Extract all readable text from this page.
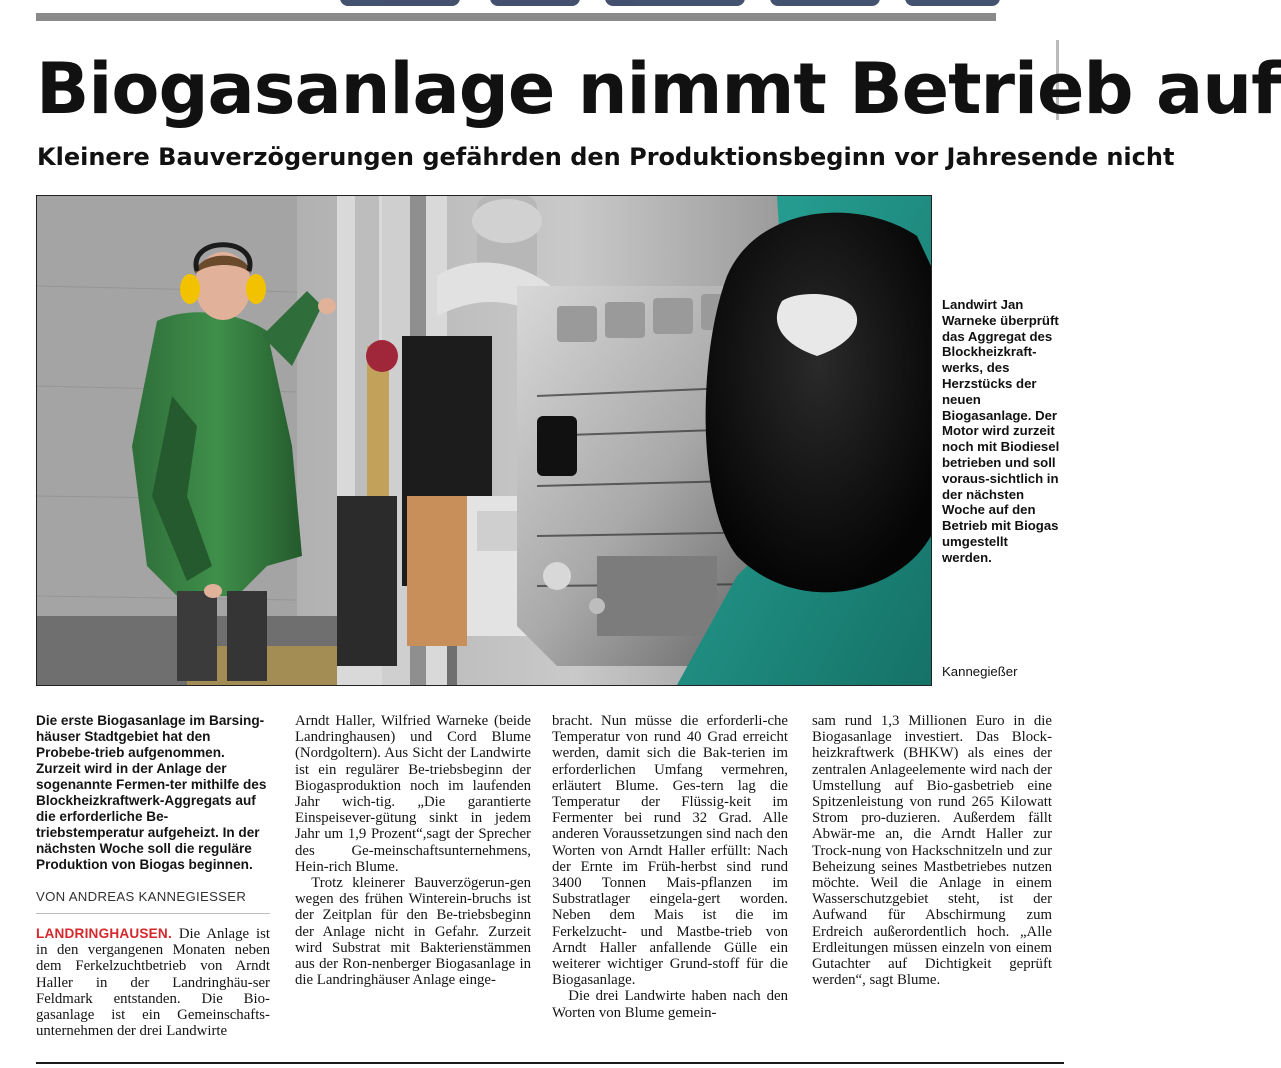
Biogasanlage nimmt Betrieb auf
Kleinere Bauverzögerungen gefährden den Produktionsbeginn vor Jahresende nicht
Landwirt Jan Warneke überprüft das Aggregat des Blockheizkraft-werks, des Herzstücks der neuen Biogasanlage. Der Motor wird zurzeit noch mit Biodiesel betrieben und soll voraus-sichtlich in der nächsten Woche auf den Betrieb mit Biogas umgestellt werden.
Kannegießer

Die erste Biogasanlage im Barsing-häuser Stadtgebiet hat den Probebe-trieb aufgenommen. Zurzeit wird in der Anlage der sogenannte Fermen-ter mithilfe des Blockheizkraftwerk-Aggregats auf die erforderliche Be-triebstemperatur aufgeheizt. In der nächsten Woche soll die reguläre Produktion von Biogas beginnen.

VON ANDREAS KANNEGIESSER

LANDRINGHAUSEN. Die Anlage ist in den vergangenen Monaten neben dem Ferkelzuchtbetrieb von Arndt Haller in der Landringhäu-ser Feldmark entstanden. Die Bio-gasanlage ist ein Gemeinschafts-unternehmen der drei Landwirte

Arndt Haller, Wilfried Warneke (beide Landringhausen) und Cord Blume (Nordgoltern). Aus Sicht der Landwirte ist ein regulärer Be-triebsbeginn der Biogasproduktion noch im laufenden Jahr wich-tig. „Die garantierte Einspeisever-gütung sinkt in jedem Jahr um 1,9 Prozent“,sagt der Sprecher des Ge-meinschaftsunternehmens, Hein-rich Blume.

Trotz kleinerer Bauverzögerun-gen wegen des frühen Winterein-bruchs ist der Zeitplan für den Be-triebsbeginn der Anlage nicht in Gefahr. Zurzeit wird Substrat mit Bakterienstämmen aus der Ron-nenberger Biogasanlage in die Landringhäuser Anlage einge-

bracht. Nun müsse die erforderli-che Temperatur von rund 40 Grad erreicht werden, damit sich die Bak-terien im erforderlichen Umfang vermehren, erläutert Blume. Ges-tern lag die Temperatur der Flüssig-keit im Fermenter bei rund 32 Grad. Alle anderen Voraussetzungen sind nach den Worten von Arndt Haller erfüllt: Nach der Ernte im Früh-herbst sind rund 3400 Tonnen Mais-pflanzen im Substratlager eingela-gert worden. Neben dem Mais ist die im Ferkelzucht- und Mastbe-trieb von Arndt Haller anfallende Gülle ein weiterer wichtiger Grund-stoff für die Biogasanlage.

Die drei Landwirte haben nach den Worten von Blume gemein-

sam rund 1,3 Millionen Euro in die Biogasanlage investiert. Das Block-heizkraftwerk (BHKW) als eines der zentralen Anlageelemente wird nach der Umstellung auf Bio-gasbetrieb eine Spitzenleistung von rund 265 Kilowatt Strom pro-duzieren. Außerdem fällt Abwär-me an, die Arndt Haller zur Trock-nung von Hackschnitzeln und zur Beheizung seines Mastbetriebes nutzen möchte. Weil die Anlage in einem Wasserschutzgebiet steht, ist der Aufwand für Abschirmung zum Erdreich außerordentlich hoch. „Alle Erdleitungen müssen einzeln von einem Gutachter auf Dichtigkeit geprüft werden“, sagt Blume.
